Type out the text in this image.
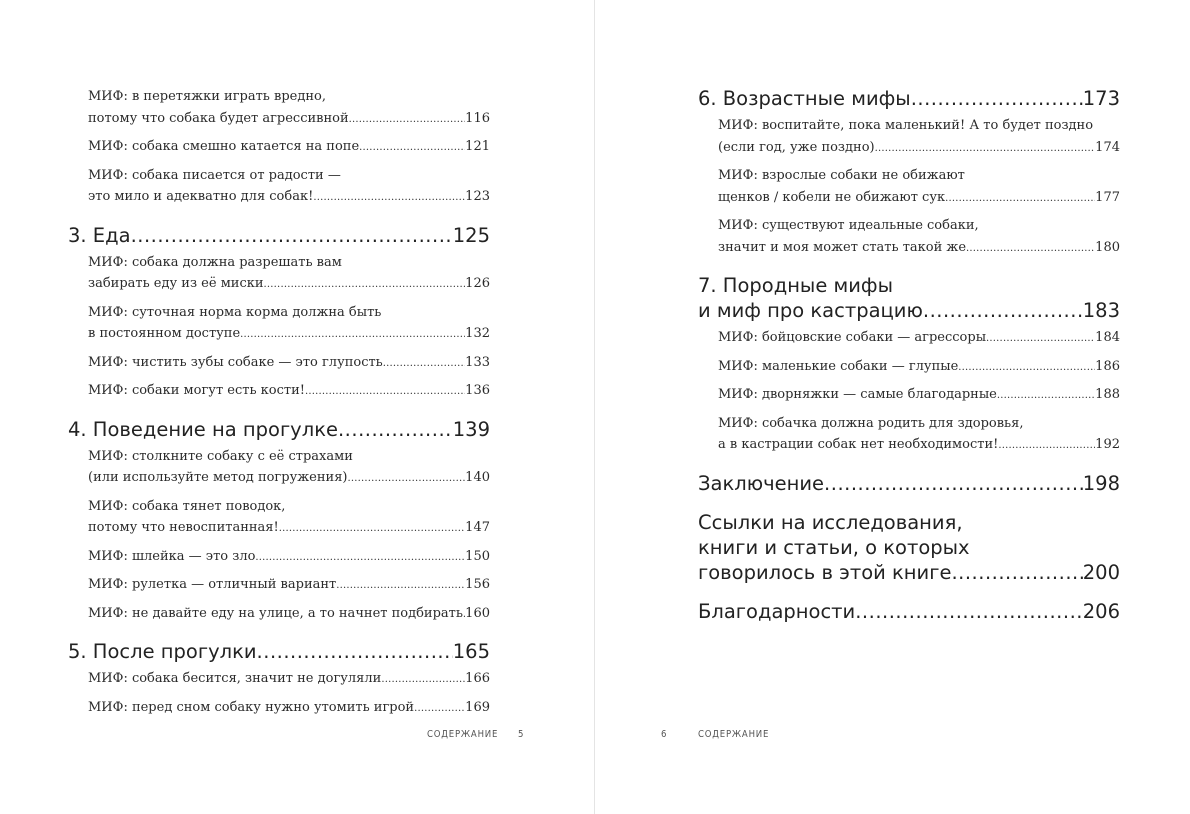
МИФ: в перетяжки играть вредно,
потому что собака будет агрессивной .....	116
МИФ: собака смешно катается на попе .....	121
МИФ: собака писается от радости —
это мило и адекватно для собак! .....	123
3. Еда .....	125
МИФ: собака должна разрешать вам
забирать еду из её миски .....	126
МИФ: суточная норма корма должна быть
в постоянном доступе .....	132
МИФ: чистить зубы собаке — это глупость .....	133
МИФ: собаки могут есть кости! .....	136
4. Поведение на прогулке .....	139
МИФ: столкните собаку с её страхами
(или используйте метод погружения) .....	140
МИФ: собака тянет поводок,
потому что невоспитанная! .....	147
МИФ: шлейка — это зло .....	150
МИФ: рулетка — отличный вариант .....	156
МИФ: не давайте еду на улице, а то начнет подбирать ..... 160
5. После прогулки .....	165
МИФ: собака бесится, значит не догуляли .....	166
МИФ: перед сном собаку нужно утомить игрой .....	169
СОДЕРЖАНИЕ 5
6. Возрастные мифы .....	173
МИФ: воспитайте, пока маленький! А то будет поздно
(если год, уже поздно) .....	174
МИФ: взрослые собаки не обижают
щенков / кобели не обижают сук .....	177
МИФ: существуют идеальные собаки,
значит и моя может стать такой же .....	180
7. Породные мифы
и миф про кастрацию .....	183
МИФ: бойцовские собаки — агрессоры .....	184
МИФ: маленькие собаки — глупые .....	186
МИФ: дворняжки — самые благодарные .....	188
МИФ: собачка должна родить для здоровья,
а в кастрации собак нет необходимости! .....	192
Заключение .....	198
Ссылки на исследования,
книги и статьи, о которых
говорилось в этой книге .....	200
Благодарности .....	206
6	СОДЕРЖАНИЕ
